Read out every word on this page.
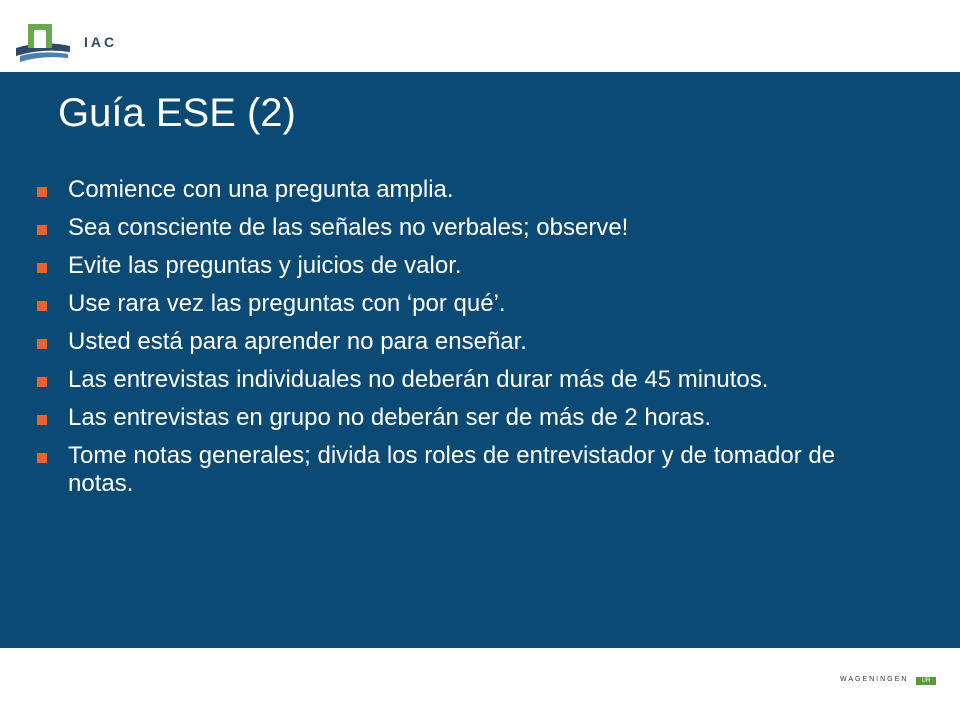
IAC
Guía ESE (2)
Comience con una pregunta amplia.
Sea consciente de las señales no verbales; observe!
Evite las preguntas y juicios de valor.
Use rara vez las preguntas con ‘por qué’.
Usted está para aprender no para enseñar.
Las entrevistas individuales no deberán durar más de 45 minutos.
Las entrevistas en grupo no deberán ser de más de 2 horas.
Tome notas generales; divida los roles de entrevistador y de tomador de notas.
WAGENINGEN	UR
